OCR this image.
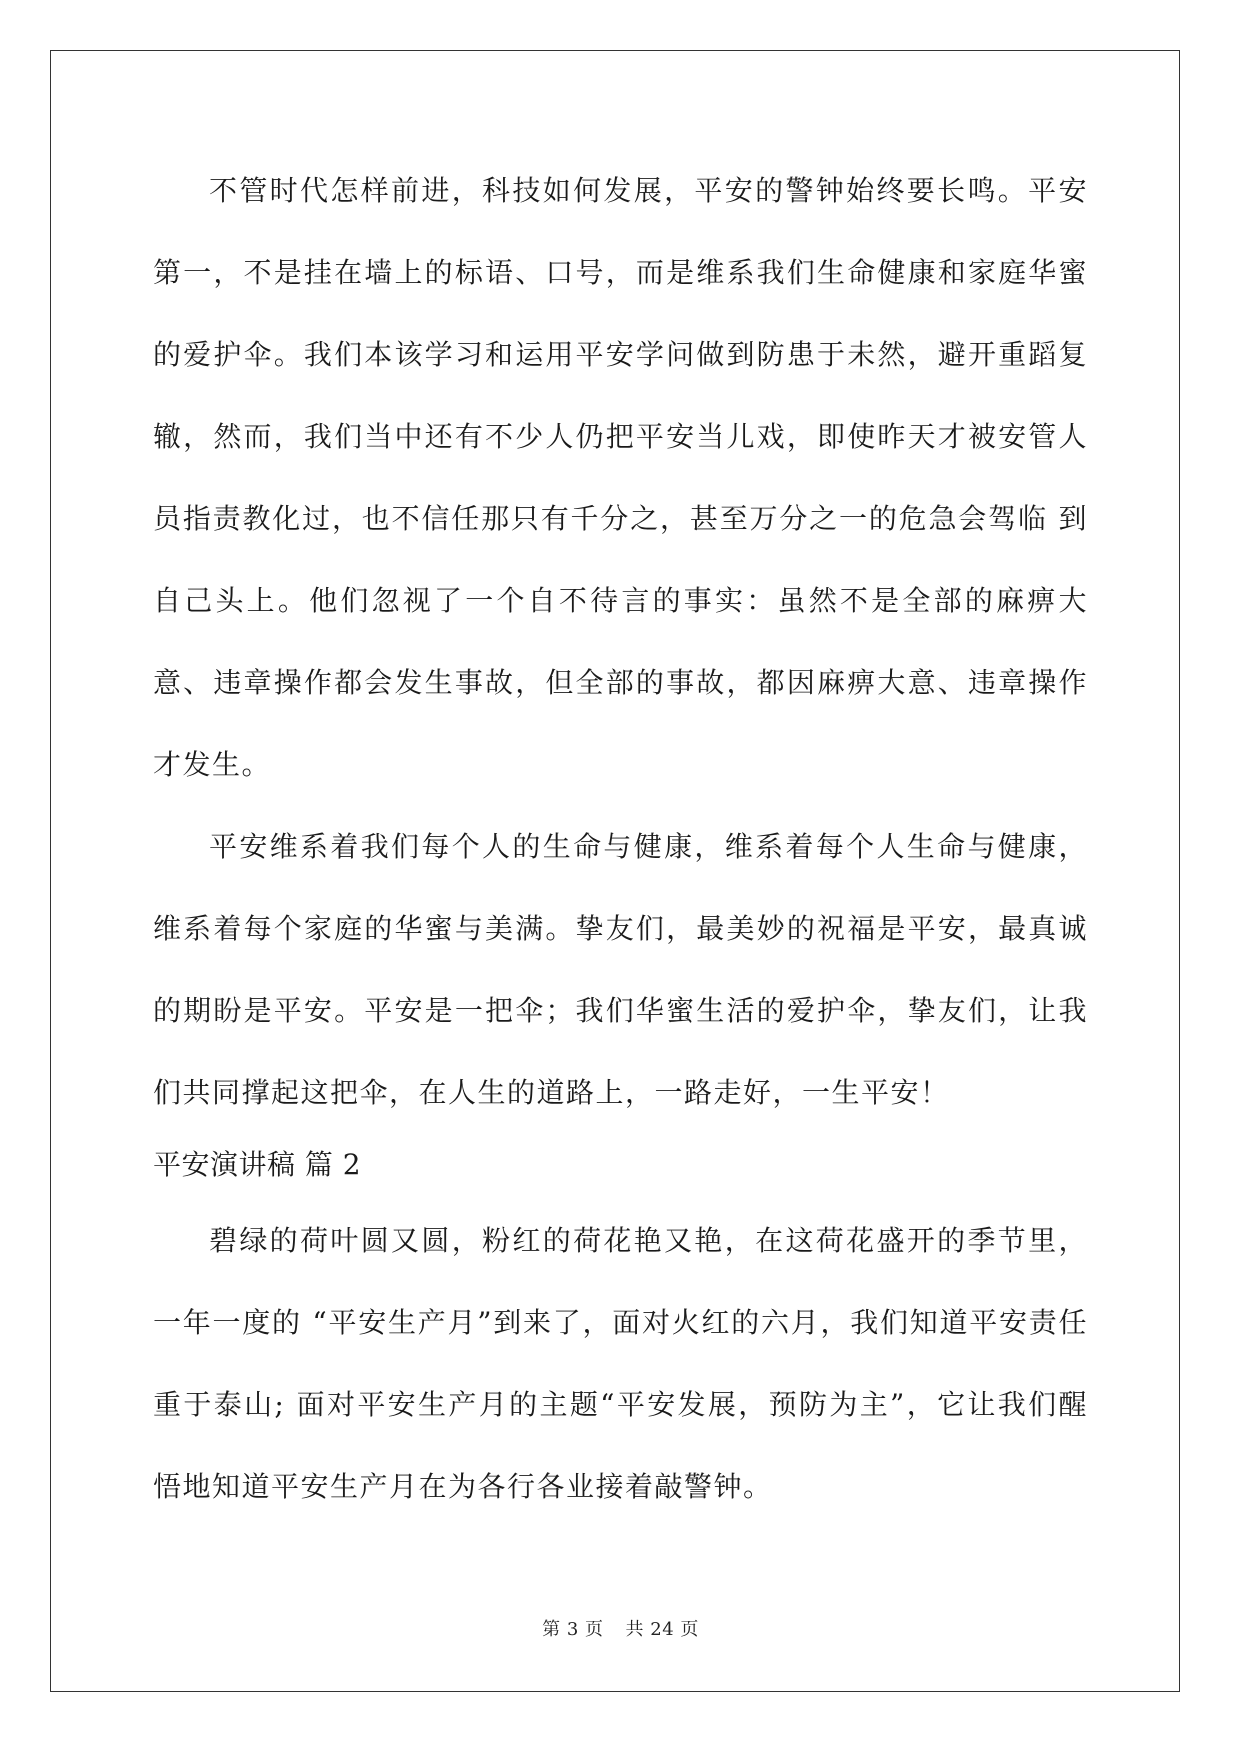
不管时代怎样前进，科技如何发展，平安的警钟始终要长鸣。平安第一，不是挂在墙上的标语、口号，而是维系我们生命健康和家庭华蜜的爱护伞。我们本该学习和运用平安学问做到防患于未然，避开重蹈复辙，然而，我们当中还有不少人仍把平安当儿戏，即使昨天才被安管人员指责教化过，也不信任那只有千分之，甚至万分之一的危急会驾临 到自己头上。他们忽视了一个自不待言的事实：虽然不是全部的麻痹大意、违章操作都会发生事故，但全部的事故，都因麻痹大意、违章操作才发生。

平安维系着我们每个人的生命与健康，维系着每个人生命与健康，维系着每个家庭的华蜜与美满。挚友们，最美妙的祝福是平安，最真诚的期盼是平安。平安是一把伞；我们华蜜生活的爱护伞，挚友们，让我们共同撑起这把伞，在人生的道路上，一路走好，一生平安！

平安演讲稿 篇 2

碧绿的荷叶圆又圆，粉红的荷花艳又艳，在这荷花盛开的季节里，一年一度的 “平安生产月”到来了，面对火红的六月，我们知道平安责任重于泰山; 面对平安生产月的主题“平安发展，预防为主”，它让我们醒悟地知道平安生产月在为各行各业接着敲警钟。

第 3 页 共 24 页
